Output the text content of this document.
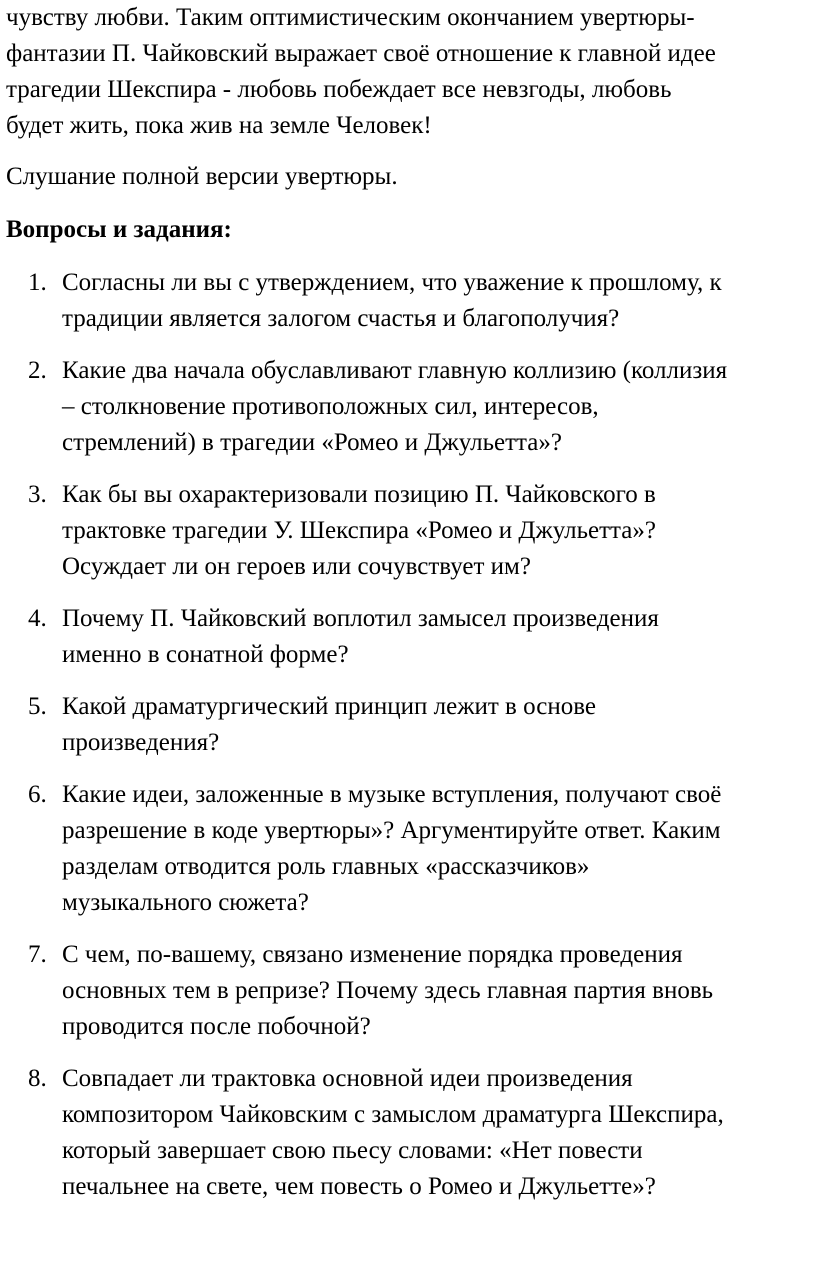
чувству любви. Таким оптимистическим окончанием увертюры-
фантазии П. Чайковский выражает своё отношение к главной идее
трагедии Шекспира - любовь побеждает все невзгоды, любовь
будет жить, пока жив на земле Человек!

Слушание полной версии увертюры.

Вопросы и задания:

1. Согласны ли вы с утверждением, что уважение к прошлому, к
традиции является залогом счастья и благополучия?
2. Какие два начала обуславливают главную коллизию (коллизия
– столкновение противоположных сил, интересов,
стремлений) в трагедии «Ромео и Джульетта»?
3. Как бы вы охарактеризовали позицию П. Чайковского в
трактовке трагедии У. Шекспира «Ромео и Джульетта»?
Осуждает ли он героев или сочувствует им?
4. Почему П. Чайковский воплотил замысел произведения
именно в сонатной форме?
5. Какой драматургический принцип лежит в основе
произведения?
6. Какие идеи, заложенные в музыке вступления, получают своё
разрешение в коде увертюры»? Аргументируйте ответ. Каким
разделам отводится роль главных «рассказчиков»
музыкального сюжета?
7. С чем, по-вашему, связано изменение порядка проведения
основных тем в репризе? Почему здесь главная партия вновь
проводится после побочной?
8. Совпадает ли трактовка основной идеи произведения
композитором Чайковским с замыслом драматурга Шекспира,
который завершает свою пьесу словами: «Нет повести
печальнее на свете, чем повесть о Ромео и Джульетте»?
